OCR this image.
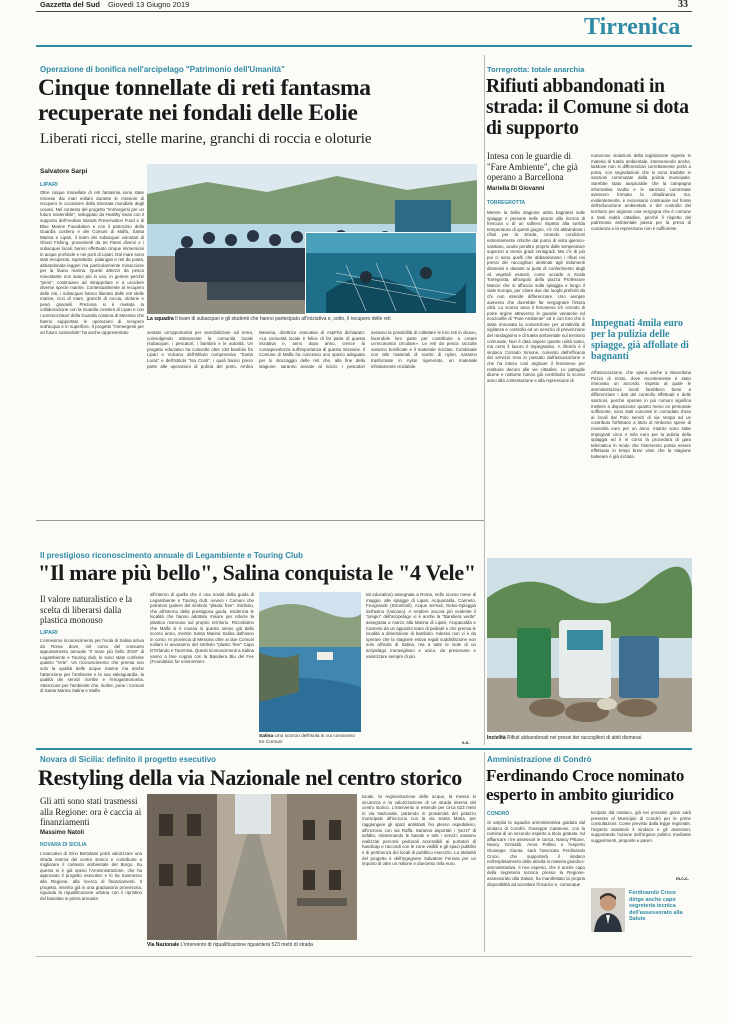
Gazzetta del Sud Giovedì 13 Giugno 2019	33
Tirrenica
Operazione di bonifica nell'arcipelago "Patrimonio dell'Umanità"
Cinque tonnellate di reti fantasma recuperate nei fondali delle Eolie
Liberati ricci, stelle marine, granchi di roccia e oloturie
Salvatore Sarpi
LIPARI
Oltre cinque tonnellate di reti fantasma sono state rimosse dai mari eoliani durante le missioni di recupero in occasione della Giornata mondiale degli oceani. Nel contesto del progetto "Immergersi per un futuro sostenibile", sviluppato da Healthy Seas con il supporto dell'Aeolian Islands Preservation Fund e di Blue Marine Foundation e con il patrocinio della Guardia costiera e dei Comuni di Malfa, Santa Marina e Lipari, il team dei subacquei volontari di Ghost Fishing, provenienti da tre Paesi diversi e i subacquei locali, hanno effettuato cinque immersioni in acque profonde e nei porti di Lipari. Dal mare sono stati recuperati, soprattutto, palangari e reti da posta, abbandonata leggeri ma particolarmente minacciose per la fauna marina. Questi attrezzi da pesca nonostante non siano più in uso, in genere perché "persi", continuano ad intrappolare e a uccidere diverse specie marine. Contestualmente al recupero delle reti, i subacquei hanno liberato dalle reti stelle marine, ricci di mare, granchi di roccia, oloturie e pesci giovanili. Preziosa si è rivelata la collaborazione con la Guardia costiera di Lipari e con i sommozzatori della Guardia costiera di Messina che hanno supportato le operazioni di recupero sott'acqua e in superficie. Il progetto "Immergersi per un futuro sostenibile" ha anche rappresentato
La squadra Il team di subacquei e gli studenti che hanno partecipato all'iniziativa e, sotto, il recupero delle reti
sentato un'opportunità per sensibilizzare sul tema, coinvolgendo attivamente la comunità locale (subacquei, i pescatori, i bambini e le autorità. Un progetto educativo ha coinvolto oltre 130 bambini fra Lipari e Vulcano dell'Istituto comprensivo "Santa Lucia" e dell'Istituto "Isa Conti", i quali hanno preso parte alle operazioni di pulizia del porto. Ambra Messina, direttrice esecutiva di AspFha dichiarato: «La comunità locale è felice di far parte di questa iniziativa e, anno dopo anno, cresce la consapevolezza sull'importanza di questa missione. Il Comune di Malfa ha concesso uno spazio adeguato per lo stoccaggio delle reti che, alla fine della stagione, saranno avviate al riciclo. I pescatori avranno la possibilità di collettare le loro reti in disuso, facendole loro parte per contribuire a creare un'economia circolare». Le reti da pesca raccolte saranno bonificate e il materiale riciclato. Combinate con altri materiali di scarto di nylon, saranno trasformate in nylon rigenerato, un materiale infinitamente riciclabile.
Torregrotta: totale anarchia
Rifiuti abbandonati in strada: il Comune si dota di supporto
Intesa con le guardie di "Fare Ambiente", che già operano a Barcellona
Mariella Di Giovanni
TORREGROTTA
Mentre la bella stagione attira bagnanti sulle spiagge e persone nelle piazze alla ricerca di frescura o di un sollievo rispetto alla torrida temperatura di questi giugno, c'è chi abbandona i rifiuti per la strada, creando condizioni estremamente critiche dal punto di vista igienico-sanitario, acuite peraltro proprio dalle temperature superiori a trenta gradi centigradi. Ma c'è di più poi ci sono quelli che abbandonano i rifiuti nei pressi dei raccoglitori destinati agli indumenti dismessi e davanti ai punti di conferimento degli oli vegetali esausti, come accade a Scala Torregrotta, all'angolo della piazza Professore Manori che si affaccia sulla spiaggia e lungo il viale Europa, per citare due dei luoghi preferiti da chi non intende differenziare. Uno sempre aumento che dovrebbe far vergognare l'intera città. Lo scorso anno il fenomeno s'è cercato di porre argine attraverso le guardie venatorie ed ecozoofile di "Fare Ambiente" ed è con loro che è stata rinnovata la convenzione per un'attività di vigilanza e controllo ed un servizio di prevenzione del randagismo e di tutela ambientale sul territorio comunale. Non è data sapere quante unità siano, ma certo il lavoro è impegnativo. A riferirlo è il sindaco Corrado Ximone, convinto dell'efficacia del servizio reso in passato dall'associazione e che ha inteso così arginare il fenomeno per restituire decoro alle vie cittadine. Le pattuglie diurne e notturne hanno già contribuito lo scorso anno alla contestazione e alla repressione di
numerose violazioni della legislazione vigente in materia di tutela ambientale, intervenendo anche, laddove non si differenziavi correttamente porta a porta, con segnalazioni che si sono tradotte in sanzioni commutate dalla polizia municipale. Sarebbe stato auspicabile che la campagna informativa svolta e le sanzioni comminate avessero formato la cittadinanza ma, evidentemente, è necessario continuare sul fronte dell'educazione ambientale e del controllo del territorio per arginare una vergogna che è comune a tanti realtà cittadine, perché il rispetto del patrimonio ambientale passa per la presa di coscienza e la repressione non è sufficiente.
Impegnati 4mila euro per la pulizia delle spiagge, già affollate di bagnanti
All'associazione, che opera anche a Barcellona Pozzo di Gotto, dove recentemente è stato rinnovato un accordo, rispetto al quale le amministrazioni locali farebbero bene a differenziare i dati del controllo effettuati e delle sanzioni, perché operare in più comuni significa mettere a disposizione quanto meno un personale sufficiente, sono stati concessi in comodato d'uso ai locali dal Polo servizi di via Vespa ad un contributo forfettario a titolo di rimborso spese di novemila euro per un anno. Intanto sono state impegnati circa 4 mila euro per la pulizia della spiaggia ed è in corso la procedura di gara telematica in modo che l'intervento possa essere effettuato in tempi brevi visto che la stagione balneare è già iniziata.
Inciviltà Rifiuti abbandonati nei pressi dei raccoglitori di abiti dismessi
Il prestigioso riconoscimento annuale di Legambiente e Touring Club
"Il mare più bello", Salina conquista le "4 Vele"
Il valore naturalistico e la scelta di liberarsi dalla plastica monouso
LIPARI
L'ennesimo riconoscimento per l'isola di Salina arriva da Roma dove, nel corso del consueto appuntamento annuale "Il mare più bello 2019" di Legambiente e Touring club, le sono state conferite quattro "Vele". Un riconoscimento che premia non solo la qualità delle acque marine ma anche l'attenzione per l'ambiente e la sua salvaguardia, la qualità dei servizi ricettivi e l'enogastronomia. Attenzione per l'ambiente che, inoltre, pone i Comuni di Santa Marina Salina e Malfa
all'interno di quella che è una novità della guida di Legambiente e Touring club, ovvero i Comuni che potranno godere del simbolo "plastic free". Simbolo, che all'interno della prestigiosa guida, evidenzia le località che hanno adottato misure per ridurre la plastica monouso sul proprio territorio. Ricordiamo che Malfa si è mossa in questo senso già dallo scorso anno, mentre Santa Marina Salina dall'anno in corso. In provincia di Messina oltre ai due Comuni eoliani si avvaranno del simbolo "plastic free" Capo D'Orlando e Taormina. Questi riconoscimenti a Salina vanno a fare coppia con la Bandiera Blu del Fee (Foundation for environmen-
Salina Uno scorcio dell'isola in cui convivono tre Comuni
tal education) assegnata a Roma, nello scorso mese di maggio, alle spiagge di Lipari, Acquacalda, Canneto, Ficogrande (Stromboli), Acque termali, Gelso-Spiaggia dell'asino (Vulcano). A rendere ancora più evidente il "pregio" dell'arcipelago vi è anche la "Bandiera verde" assegnata a marzo alla Marina di Lipari, Acquacalda e Canneto da un apposito team di pediatri e che premia le località a dimensione di bambino. Adesso non vi è da sperare che la stagione estiva regali soddisfazione non solo all'isola di Salina, ma a tutte le isole di un arcipelago meraviglioso e unico, da preservare e valorizzare sempre di più.
s.s.
Novara di Sicilia: definito il progetto esecutivo
Restyling della via Nazionale nel centro storico
Gli atti sono stati trasmessi alla Regione: ora è caccia ai finanziamenti
Massimo Natoli
NOVARA DI SICILIA
L'esecutivo di Gino Bertolami potrà valorizzare una strada interna del centro storico e contribuire a migliorare il contesto ambientale del Borgo. Su questo si è già speso l'Amministrazione, che ha approvato il progetto esecutivo e lo ha trasmesso alla Regione, alla ricerca di finanziamenti. Il progetto, inserito già in una graduatoria provvisoria, riguarda la riqualificazione urbana con il ripristino del basolato in pietra arenaria
Via Nazionale L'intervento di riqualificazione riguarderà 523 metri di strada
locale, la regimentazione delle acque, la messa in sicurezza e la valorizzazione di un strada interna del centro storico. L'intervento si estende per circa 523 metri in via Nazionale, partendo in prossimità del palazzo municipale all'incrocio con la via Santa Maria, per raggiungere gli spazi antistanti l'ex plesso ospedaliero, all'incrocio con via Raffa. Saranno asportati i "pezzi" di asfalto, risistemando le basole e tutti i servizi; saranno realizzati percorsi pedonali accessibili ai portatori di handicap e raccordi con le zone visibili e gli spazi pubblici e di pertinenza dei locali di pubblico esercizio. La titolarità del progetto è dell'ingegnere Salvatore Ferrara per un importo di oltre un milione e duecento mila euro.
Amministrazione di Condrò
Ferdinando Croce nominato esperto in ambito giuridico
CONDRÒ
Si amplia la squadra amministrativa guidata dal sindaco di Condrò, Giuseppe Catanese, con la nomina di un secondo esperto a titolo gratuito. Ad affiancare i tre assessori in carica, Nancy Pittone, Nancy Grimaldi, Anna Pollino e l'esperto Giuseppe Giunta, sarà l'avvocato Ferdinando Croce, che supporterà il sindaco nell'espletamento delle attività in materia giuridico-amministrativa. Il neo esperto, che è anche capo della segreteria tecnica presso la Regione-assessorato alla Salute, ha manifestato la propria disponibilità ad accettare l'incarico e, comunque
tecipato dal sindaco, già nei prossimi giorni sarà presente al Municipio di Condrò per le prime consultazioni. Come previsto dalla legge regionale, l'esperto assisterà il sindaco e gli assessori, supportando l'azione dell'organo politico mediante suggerimenti, proposte e pareri.
m.c.c.
Ferdinando Croce dirige anche capo segreteria tecnica dell'assessorato alla Salute
